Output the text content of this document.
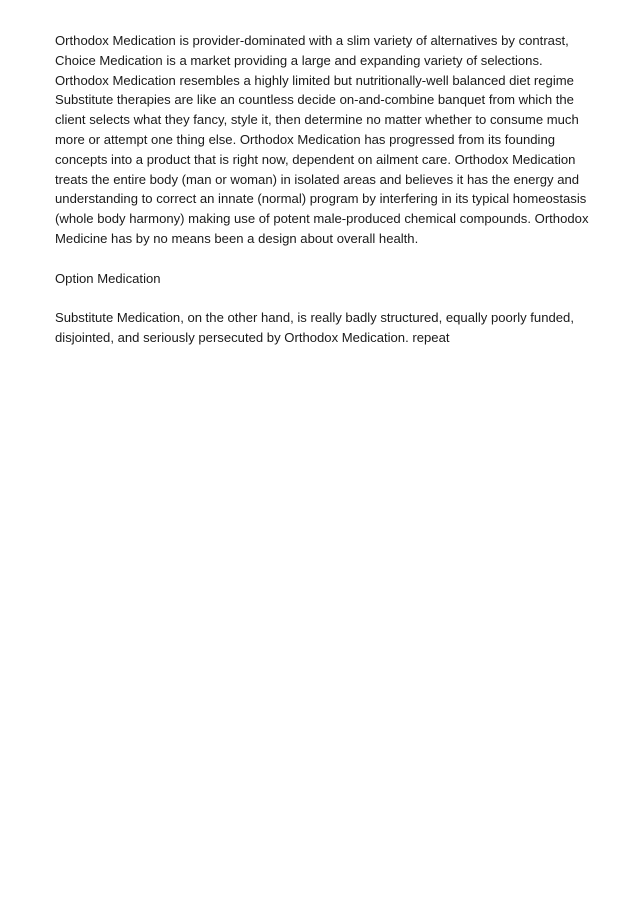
Orthodox Medication is provider-dominated with a slim variety of alternatives by contrast,
Choice Medication is a market providing a large and expanding variety of selections.
Orthodox Medication resembles a highly limited but nutritionally-well balanced diet regime
Substitute therapies are like an countless decide on-and-combine banquet from which the
client selects what they fancy, style it, then determine no matter whether to consume much
more or attempt one thing else. Orthodox Medication has progressed from its founding
concepts into a product that is right now, dependent on ailment care. Orthodox Medication
treats the entire body (man or woman) in isolated areas and believes it has the energy and
understanding to correct an innate (normal) program by interfering in its typical homeostasis
(whole body harmony) making use of potent male-produced chemical compounds. Orthodox
Medicine has by no means been a design about overall health.

Option Medication

Substitute Medication, on the other hand, is really badly structured, equally poorly funded,
disjointed, and seriously persecuted by Orthodox Medication. repeat
